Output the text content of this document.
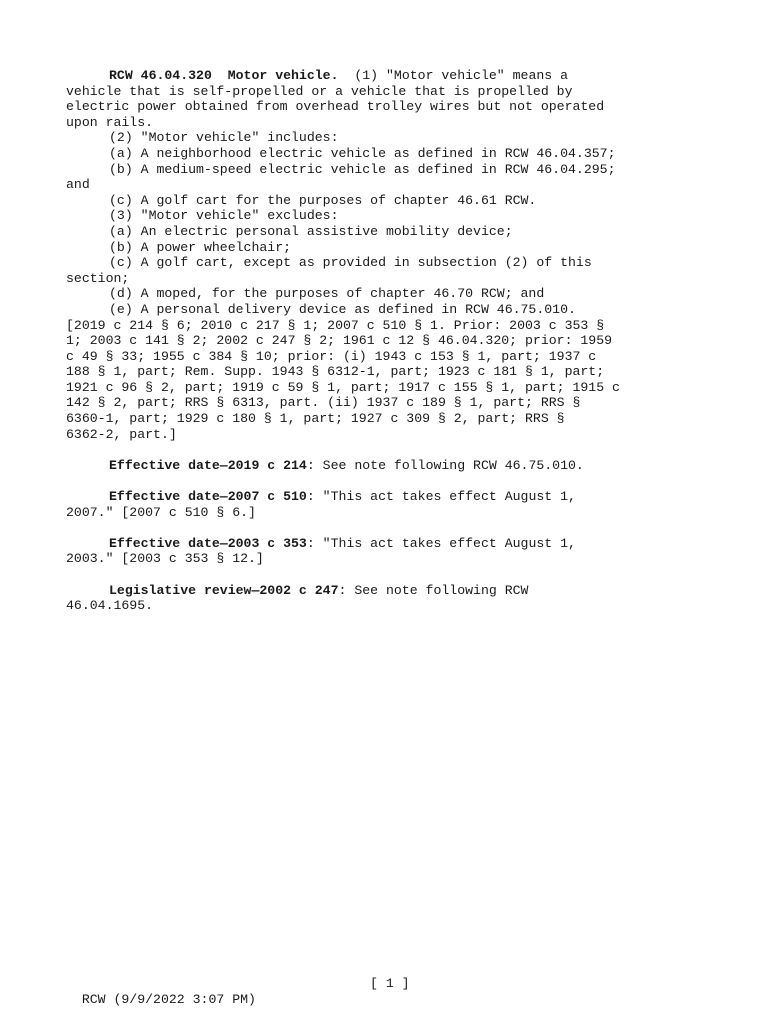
RCW 46.04.320 Motor vehicle. (1) "Motor vehicle" means a
vehicle that is self-propelled or a vehicle that is propelled by
electric power obtained from overhead trolley wires but not operated
upon rails.
(2) "Motor vehicle" includes:
(a) A neighborhood electric vehicle as defined in RCW 46.04.357;
(b) A medium-speed electric vehicle as defined in RCW 46.04.295;
and
(c) A golf cart for the purposes of chapter 46.61 RCW.
(3) "Motor vehicle" excludes:
(a) An electric personal assistive mobility device;
(b) A power wheelchair;
(c) A golf cart, except as provided in subsection (2) of this
section;
(d) A moped, for the purposes of chapter 46.70 RCW; and
(e) A personal delivery device as defined in RCW 46.75.010.
[2019 c 214 § 6; 2010 c 217 § 1; 2007 c 510 § 1. Prior: 2003 c 353 §
1; 2003 c 141 § 2; 2002 c 247 § 2; 1961 c 12 § 46.04.320; prior: 1959
c 49 § 33; 1955 c 384 § 10; prior: (i) 1943 c 153 § 1, part; 1937 c
188 § 1, part; Rem. Supp. 1943 § 6312-1, part; 1923 c 181 § 1, part;
1921 c 96 § 2, part; 1919 c 59 § 1, part; 1917 c 155 § 1, part; 1915 c
142 § 2, part; RRS § 6313, part. (ii) 1937 c 189 § 1, part; RRS §
6360-1, part; 1929 c 180 § 1, part; 1927 c 309 § 2, part; RRS §
6362-2, part.]
Effective date—2019 c 214: See note following RCW 46.75.010.
Effective date—2007 c 510: "This act takes effect August 1,
2007." [2007 c 510 § 6.]
Effective date—2003 c 353: "This act takes effect August 1,
2003." [2003 c 353 § 12.]
Legislative review—2002 c 247: See note following RCW
46.04.1695.

RCW (9/9/2022 3:07 PM)

[ 1 ]
